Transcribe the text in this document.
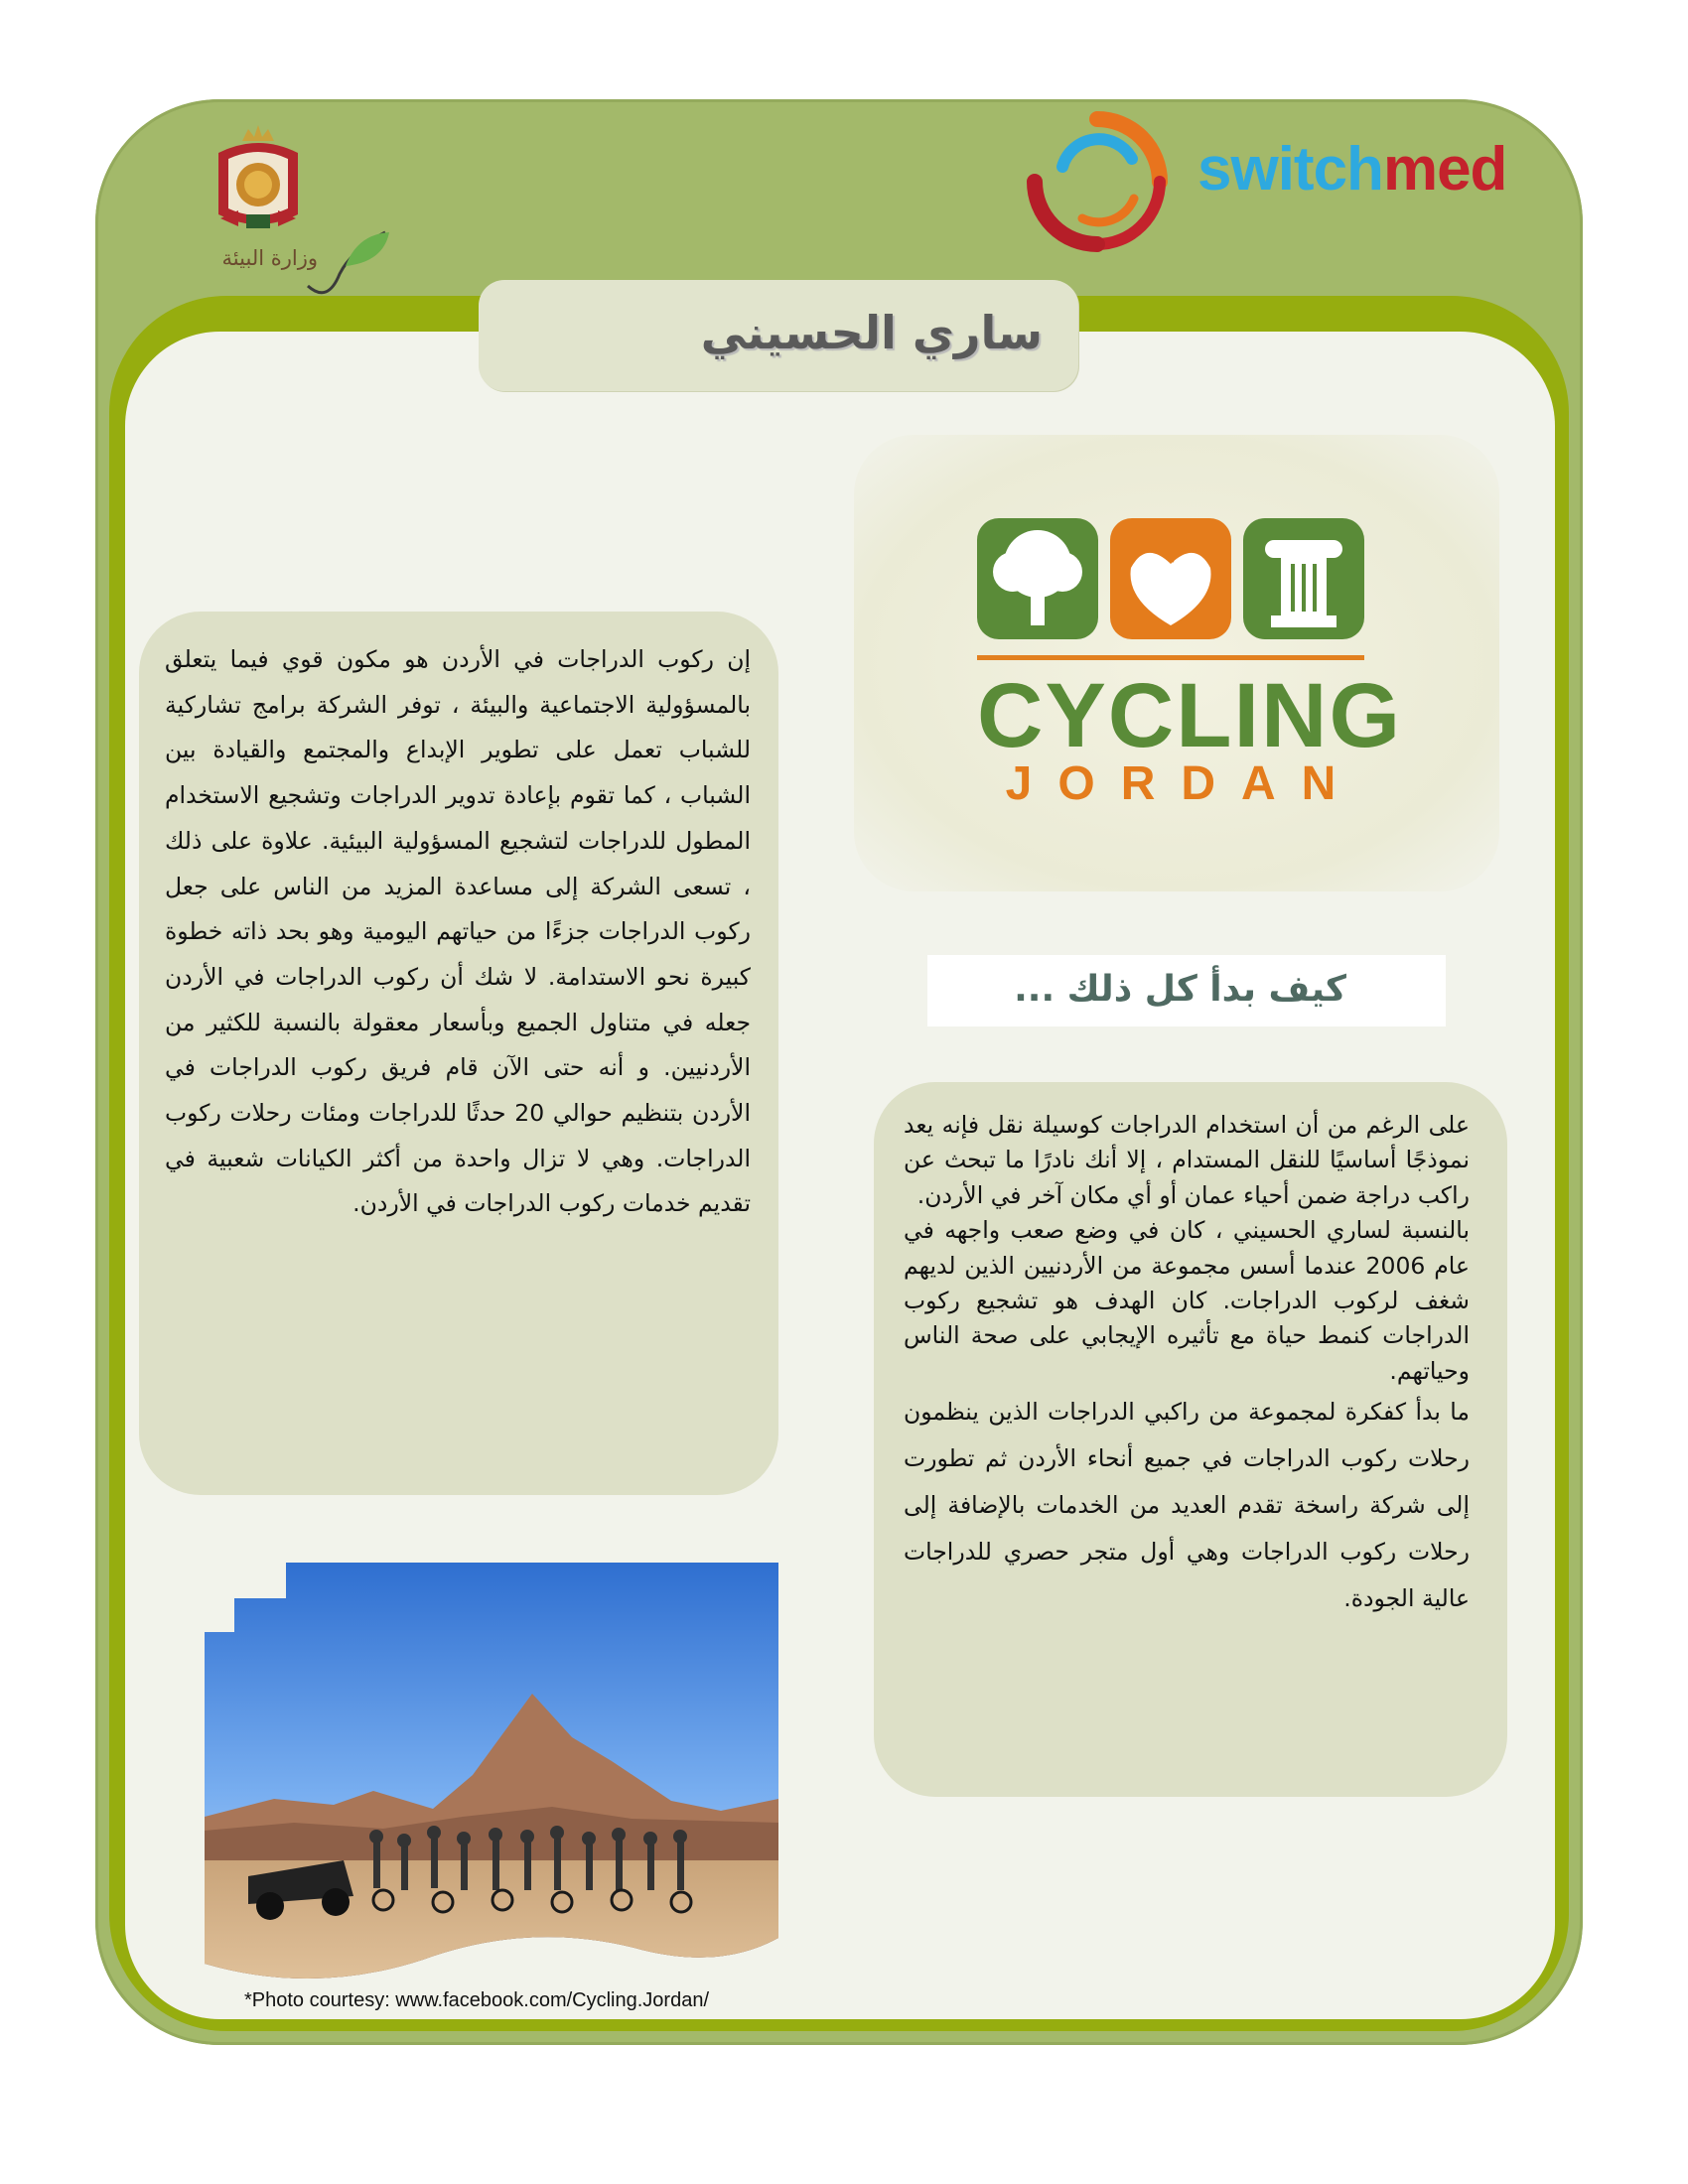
وزارة البيئة
switchmed
ساري الحسيني
CYCLING
JORDAN
كيف بدأ كل ذلك ...

إن ركوب الدراجات في الأردن هو مكون قوي فيما يتعلق بالمسؤولية الاجتماعية والبيئة ، توفر الشركة برامج تشاركية للشباب تعمل على تطوير الإبداع والمجتمع والقيادة بين الشباب ، كما تقوم بإعادة تدوير الدراجات وتشجيع الاستخدام المطول للدراجات لتشجيع المسؤولية البيئية. علاوة على ذلك ، تسعى الشركة إلى مساعدة المزيد من الناس على جعل ركوب الدراجات جزءًا من حياتهم اليومية وهو بحد ذاته خطوة كبيرة نحو الاستدامة. لا شك أن ركوب الدراجات في الأردن جعله في متناول الجميع وبأسعار معقولة بالنسبة للكثير من الأردنيين. و أنه حتى الآن قام فريق ركوب الدراجات في الأردن بتنظيم حوالي 20 حدثًا للدراجات ومئات رحلات ركوب الدراجات. وهي لا تزال واحدة من أكثر الكيانات شعبية في تقديم خدمات ركوب الدراجات في الأردن.

على الرغم من أن استخدام الدراجات كوسيلة نقل فإنه يعد نموذجًا أساسيًا للنقل المستدام ، إلا أنك نادرًا ما تبحث عن راكب دراجة ضمن أحياء عمان أو أي مكان آخر في الأردن.

بالنسبة لساري الحسيني ، كان في وضع صعب واجهه في عام 2006 عندما أسس مجموعة من الأردنيين الذين لديهم شغف لركوب الدراجات. كان الهدف هو تشجيع ركوب الدراجات كنمط حياة مع تأثيره الإيجابي على صحة الناس وحياتهم.

ما بدأ كفكرة لمجموعة من راكبي الدراجات الذين ينظمون رحلات ركوب الدراجات في جميع أنحاء الأردن ثم تطورت إلى شركة راسخة تقدم العديد من الخدمات بالإضافة إلى رحلات ركوب الدراجات وهي أول متجر حصري للدراجات عالية الجودة.

*Photo courtesy: www.facebook.com/Cycling.Jordan/
